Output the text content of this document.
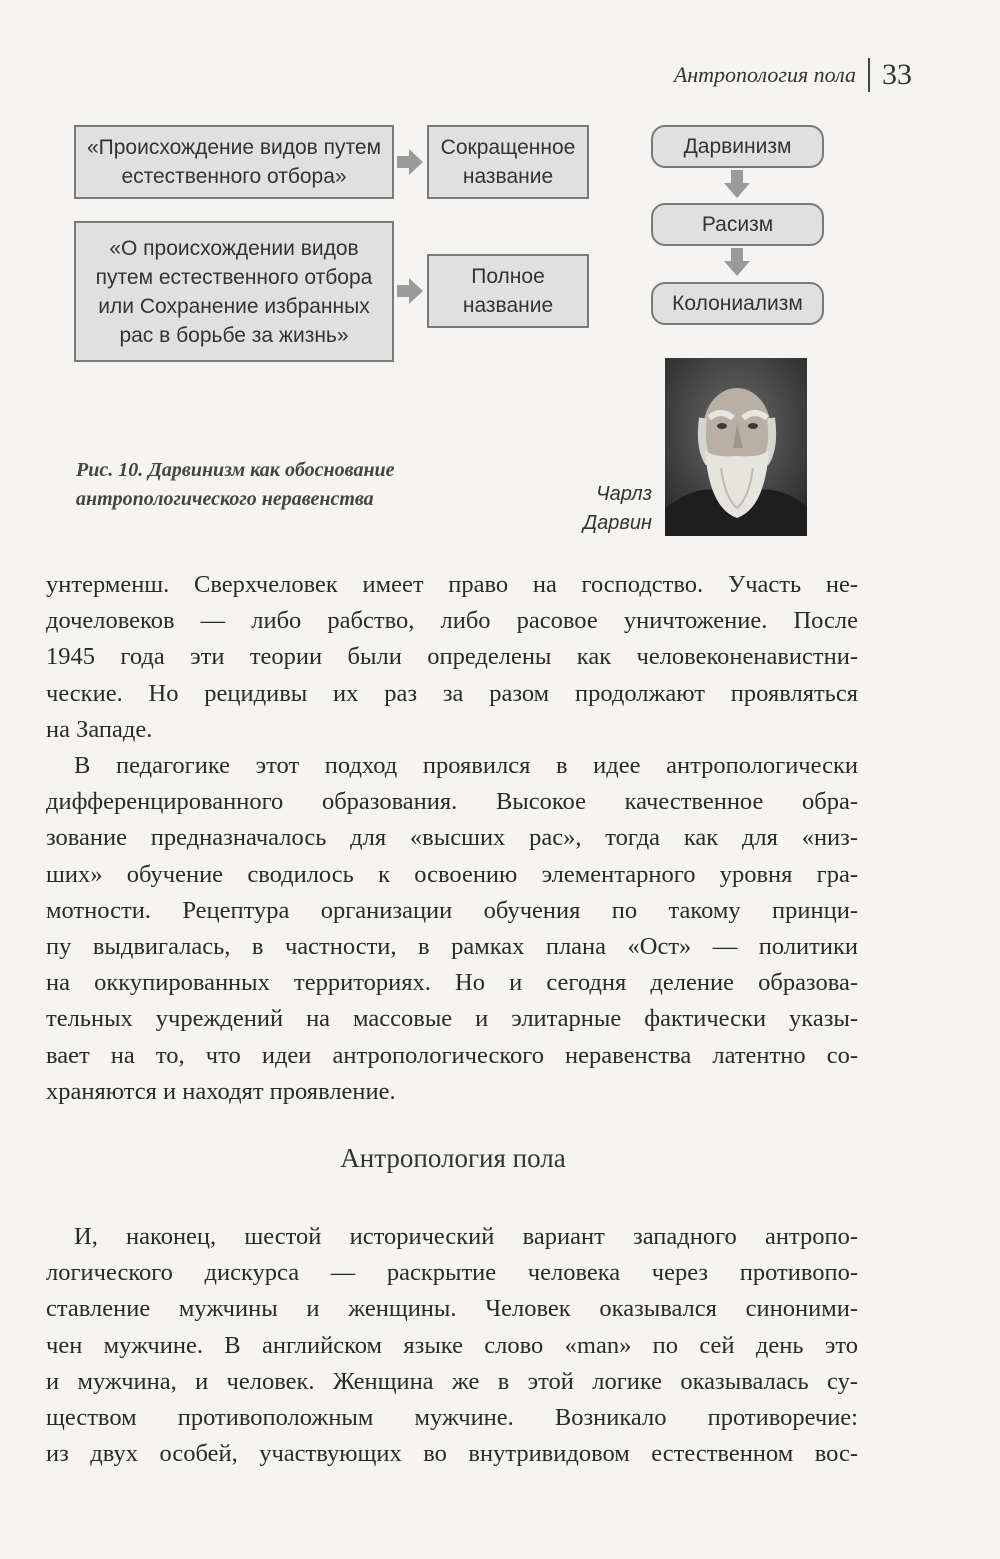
Антропология пола 33
«Происхождение видов путем естественного отбора»
Сокращенное название
«О происхождении видов путем естественного отбора или Сохранение избранных рас в борьбе за жизнь»
Полное название
Дарвинизм
Расизм
Колониализм
Рис. 10. Дарвинизм как обоснование
антропологического неравенства	Чарлз
Дарвин
унтерменш. Сверхчеловек имеет право на господство. Участь не-
дочеловеков — либо рабство, либо расовое уничтожение. После
1945 года эти теории были определены как человеконенавистни-
ческие. Но рецидивы их раз за разом продолжают проявляться
на Западе.
В педагогике этот подход проявился в идее антропологически
дифференцированного образования. Высокое качественное обра-
зование предназначалось для «высших рас», тогда как для «низ-
ших» обучение сводилось к освоению элементарного уровня гра-
мотности. Рецептура организации обучения по такому принци-
пу выдвигалась, в частности, в рамках плана «Ост» — политики
на оккупированных территориях. Но и сегодня деление образова-
тельных учреждений на массовые и элитарные фактически указы-
вает на то, что идеи антропологического неравенства латентно со-
храняются и находят проявление.
Антропология пола
И, наконец, шестой исторический вариант западного антропо-
логического дискурса — раскрытие человека через противопо-
ставление мужчины и женщины. Человек оказывался синоними-
чен мужчине. В английском языке слово «man» по сей день это
и мужчина, и человек. Женщина же в этой логике оказывалась су-
ществом противоположным мужчине. Возникало противоречие:
из двух особей, участвующих во внутривидовом естественном вос-
